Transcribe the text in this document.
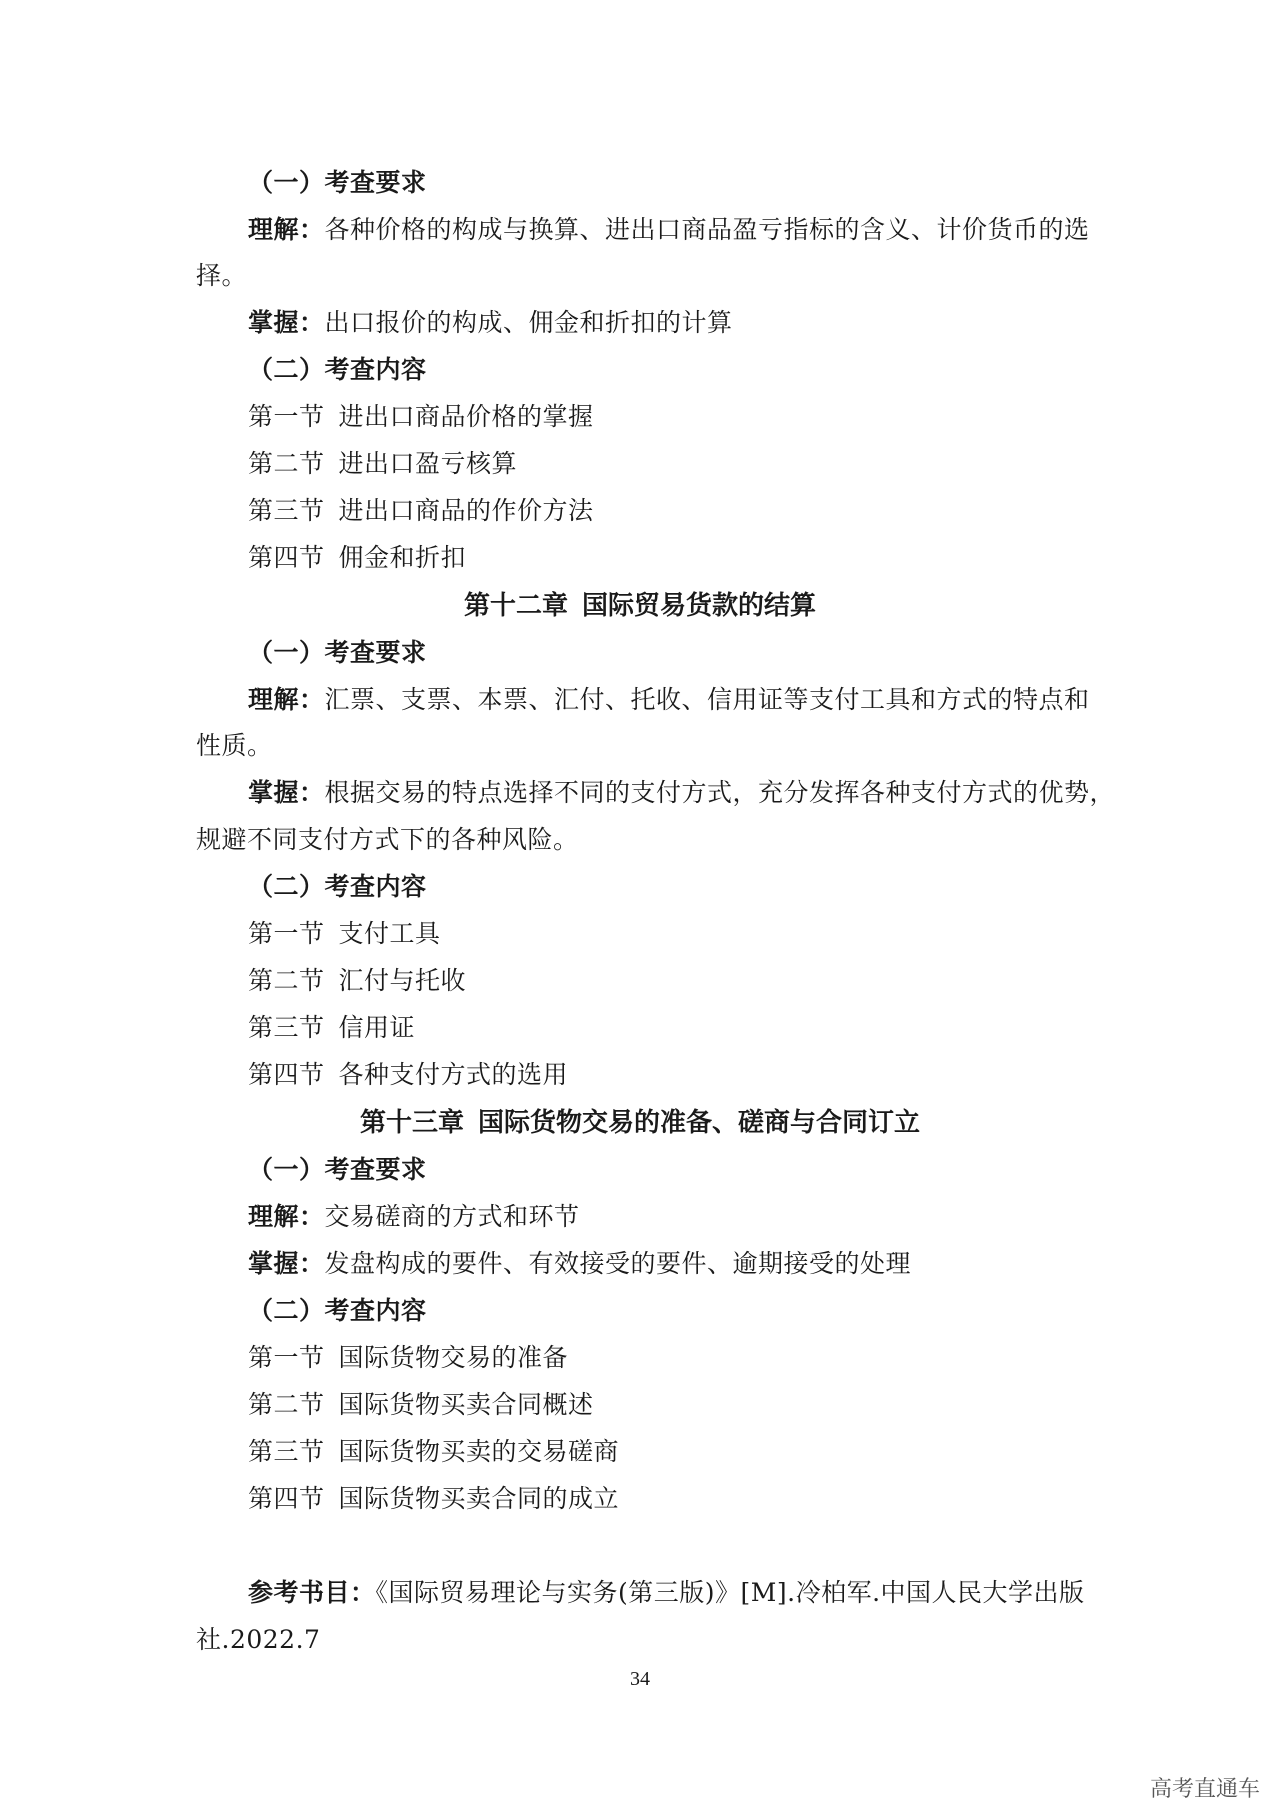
（一）考查要求
理解：各种价格的构成与换算、进出口商品盈亏指标的含义、计价货币的选
择。
掌握：出口报价的构成、佣金和折扣的计算
（二）考查内容
第一节 进出口商品价格的掌握
第二节 进出口盈亏核算
第三节 进出口商品的作价方法
第四节 佣金和折扣
第十二章 国际贸易货款的结算
（一）考查要求
理解：汇票、支票、本票、汇付、托收、信用证等支付工具和方式的特点和
性质。
掌握：根据交易的特点选择不同的支付方式，充分发挥各种支付方式的优势，
规避不同支付方式下的各种风险。
（二）考查内容
第一节 支付工具
第二节 汇付与托收
第三节 信用证
第四节 各种支付方式的选用
第十三章 国际货物交易的准备、磋商与合同订立
（一）考查要求
理解：交易磋商的方式和环节
掌握：发盘构成的要件、有效接受的要件、逾期接受的处理
（二）考查内容
第一节 国际货物交易的准备
第二节 国际货物买卖合同概述
第三节 国际货物买卖的交易磋商
第四节 国际货物买卖合同的成立
参考书目：《国际贸易理论与实务(第三版)》[M].冷柏军.中国人民大学出版
社.2022.7
34
高考直通车
